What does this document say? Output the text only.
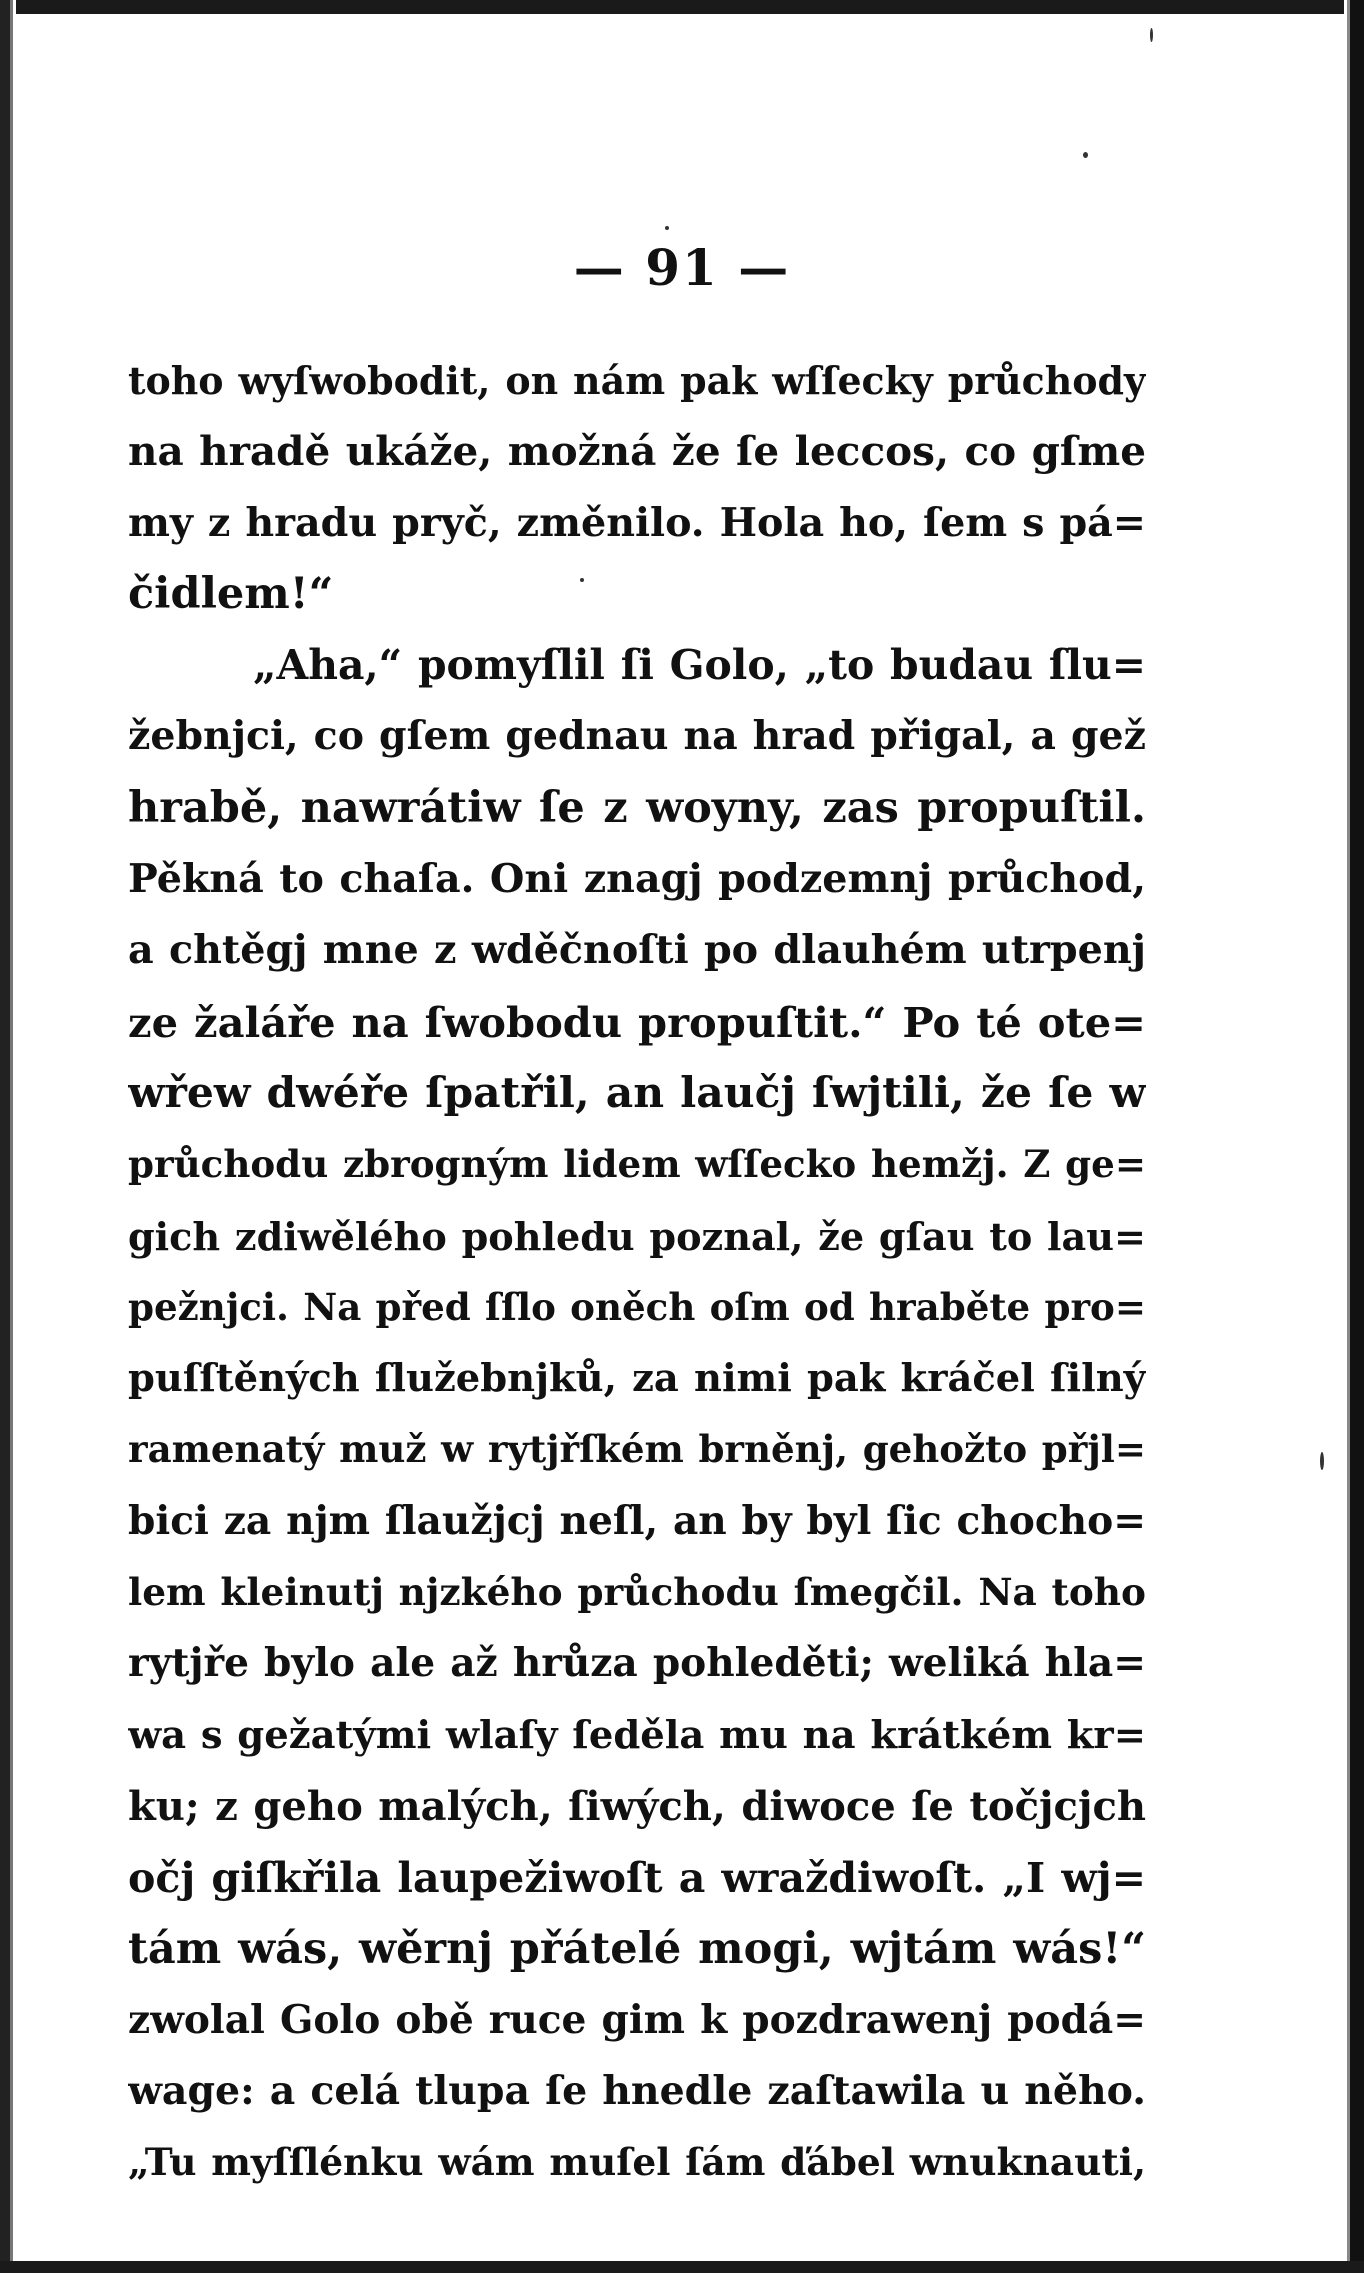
— 91 —
toho wyſwobodit, on nám pak wſſecky průchody
na hradě ukáže, možná že ſe leccos, co gſme
my z hradu pryč, změnilo. Hola ho, ſem s pá=
čidlem!“
„Aha,“ pomyſlil ſi Golo, „to budau ſlu=
žebnjci, co gſem gednau na hrad přigal, a gež
hrabě, nawrátiw ſe z woyny, zas propuſtil.
Pěkná to chaſa. Oni znagj podzemnj průchod,
a chtěgj mne z wděčnoſti po dlauhém utrpenj
ze žaláře na ſwobodu propuſtit.“ Po té ote=
wřew dwéře ſpatřil, an laučj ſwjtili, že ſe w
průchodu zbrogným lidem wſſecko hemžj. Z ge=
gich zdiwělého pohledu poznal, že gſau to lau=
pežnjci. Na před ſſlo oněch oſm od hraběte pro=
puſſtěných ſlužebnjků, za nimi pak kráčel ſilný
ramenatý muž w rytjřſkém brněnj, gehožto přjl=
bici za njm ſlaužjcj neſl, an by byl ſic chocho=
lem kleinutj njzkého průchodu ſmegčil. Na toho
rytjře bylo ale až hrůza pohleděti; weliká hla=
wa s gežatými wlaſy ſeděla mu na krátkém kr=
ku; z geho malých, ſiwých, diwoce ſe točjcjch
očj giſkřila laupežiwoſt a wraždiwoſt. „I wj=
tám wás, wěrnj přátelé mogi, wjtám wás!“
zwolal Golo obě ruce gim k pozdrawenj podá=
wage: a celá tlupa ſe hnedle zaſtawila u něho.
„Tu myſſlénku wám muſel ſám ďábel wnuknauti,
